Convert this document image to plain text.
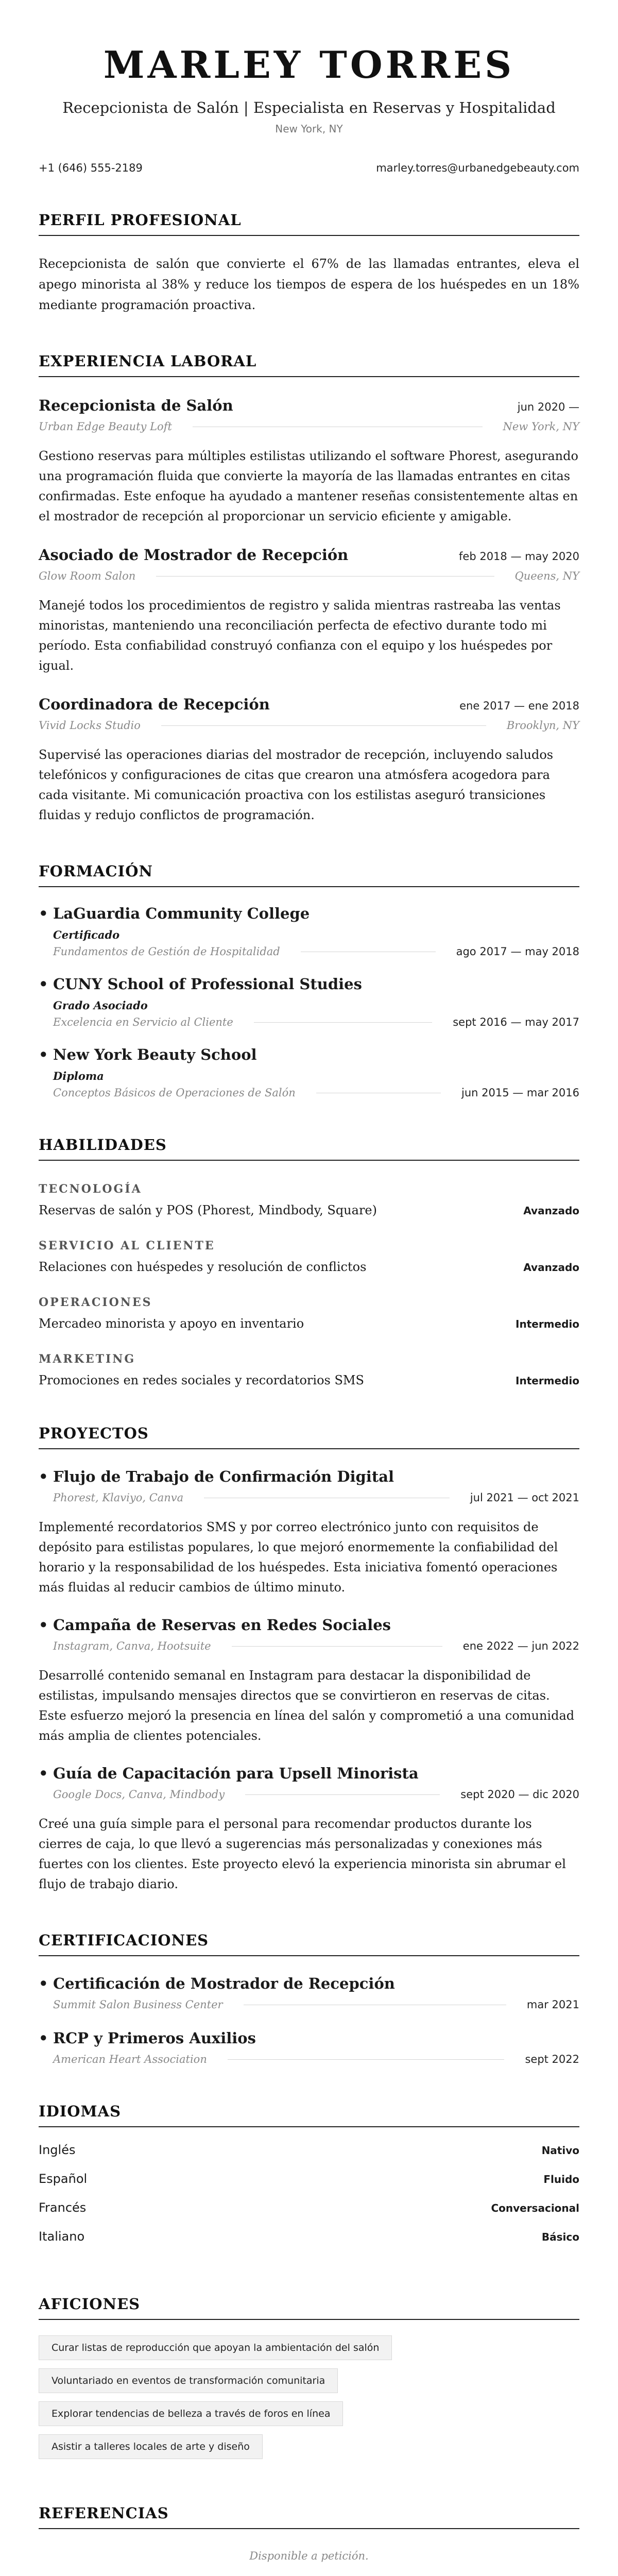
MARLEY TORRES
Recepcionista de Salón | Especialista en Reservas y Hospitalidad
New York, NY
+1 (646) 555-2189	marley.torres@urbanedgebeauty.com
PERFIL PROFESIONAL

Recepcionista de salón que convierte el 67% de las llamadas entrantes, eleva el apego minorista al 38% y reduce los tiempos de espera de los huéspedes en un 18% mediante programación proactiva.

EXPERIENCIA LABORAL
Recepcionista de Salón	jun 2020 —
Urban Edge Beauty Loft	New York, NY

Gestiono reservas para múltiples estilistas utilizando el software Phorest, asegurando una programación fluida que convierte la mayoría de las llamadas entrantes en citas confirmadas. Este enfoque ha ayudado a mantener reseñas consistentemente altas en el mostrador de recepción al proporcionar un servicio eficiente y amigable.

Asociado de Mostrador de Recepción	feb 2018 — may 2020
Glow Room Salon	Queens, NY

Manejé todos los procedimientos de registro y salida mientras rastreaba las ventas minoristas, manteniendo una reconciliación perfecta de efectivo durante todo mi período. Esta confiabilidad construyó confianza con el equipo y los huéspedes por igual.

Coordinadora de Recepción	ene 2017 — ene 2018
Vivid Locks Studio	Brooklyn, NY

Supervisé las operaciones diarias del mostrador de recepción, incluyendo saludos telefónicos y configuraciones de citas que crearon una atmósfera acogedora para cada visitante. Mi comunicación proactiva con los estilistas aseguró transiciones fluidas y redujo conflictos de programación.

FORMACIÓN
• LaGuardia Community College
Certificado
Fundamentos de Gestión de Hospitalidad	ago 2017 — may 2018
• CUNY School of Professional Studies
Grado Asociado
Excelencia en Servicio al Cliente	sept 2016 — may 2017
• New York Beauty School
Diploma
Conceptos Básicos de Operaciones de Salón	jun 2015 — mar 2016
HABILIDADES
TECNOLOGÍA
Reservas de salón y POS (Phorest, Mindbody, Square)	Avanzado
SERVICIO AL CLIENTE
Relaciones con huéspedes y resolución de conflictos	Avanzado
OPERACIONES
Mercadeo minorista y apoyo en inventario	Intermedio
MARKETING
Promociones en redes sociales y recordatorios SMS	Intermedio
PROYECTOS
• Flujo de Trabajo de Confirmación Digital
Phorest, Klaviyo, Canva	jul 2021 — oct 2021

Implementé recordatorios SMS y por correo electrónico junto con requisitos de depósito para estilistas populares, lo que mejoró enormemente la confiabilidad del horario y la responsabilidad de los huéspedes. Esta iniciativa fomentó operaciones más fluidas al reducir cambios de último minuto.

• Campaña de Reservas en Redes Sociales
Instagram, Canva, Hootsuite	ene 2022 — jun 2022

Desarrollé contenido semanal en Instagram para destacar la disponibilidad de estilistas, impulsando mensajes directos que se convirtieron en reservas de citas. Este esfuerzo mejoró la presencia en línea del salón y comprometió a una comunidad más amplia de clientes potenciales.

• Guía de Capacitación para Upsell Minorista
Google Docs, Canva, Mindbody	sept 2020 — dic 2020

Creé una guía simple para el personal para recomendar productos durante los cierres de caja, lo que llevó a sugerencias más personalizadas y conexiones más fuertes con los clientes. Este proyecto elevó la experiencia minorista sin abrumar el flujo de trabajo diario.

CERTIFICACIONES
• Certificación de Mostrador de Recepción
Summit Salon Business Center	mar 2021
• RCP y Primeros Auxilios
American Heart Association	sept 2022
IDIOMAS
Inglés	Nativo
Español	Fluido
Francés	Conversacional
Italiano	Básico
AFICIONES
Curar listas de reproducción que apoyan la ambientación del salón
Voluntariado en eventos de transformación comunitaria
Explorar tendencias de belleza a través de foros en línea
Asistir a talleres locales de arte y diseño
REFERENCIAS
Disponible a petición.
